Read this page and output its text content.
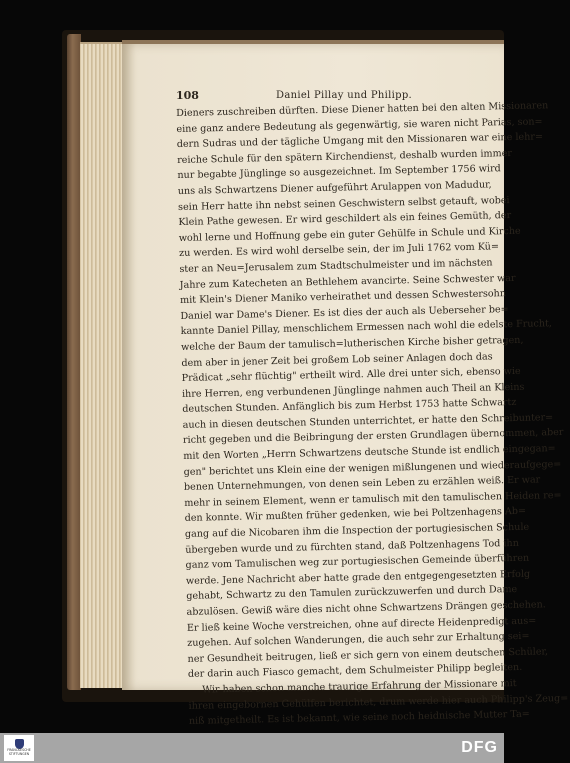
108	Daniel Pillay und Philipp.
Dieners zuschreiben dürften. Diese Diener hatten bei den alten Missionaren
eine ganz andere Bedeutung als gegenwärtig, sie waren nicht Parias, son=
dern Sudras und der tägliche Umgang mit den Missionaren war eine lehr=
reiche Schule für den spätern Kirchendienst, deshalb wurden immer
nur begabte Jünglinge so ausgezeichnet. Im September 1756 wird
uns als Schwartzens Diener aufgeführt Arulappen von Madudur,
sein Herr hatte ihn nebst seinen Geschwistern selbst getauft, wobei
Klein Pathe gewesen. Er wird geschildert als ein feines Gemüth, der
wohl lerne und Hoffnung gebe ein guter Gehülfe in Schule und Kirche
zu werden. Es wird wohl derselbe sein, der im Juli 1762 vom Kü=
ster an Neu=Jerusalem zum Stadtschulmeister und im nächsten
Jahre zum Katecheten an Bethlehem avancirte. Seine Schwester war
mit Klein's Diener Maniko verheirathet und dessen Schwestersohn
Daniel war Dame's Diener. Es ist dies der auch als Ueberseher be=
kannte Daniel Pillay, menschlichem Ermessen nach wohl die edelste Frucht,
welche der Baum der tamulisch=lutherischen Kirche bisher getragen,
dem aber in jener Zeit bei großem Lob seiner Anlagen doch das
Prädicat „sehr flüchtig" ertheilt wird. Alle drei unter sich, ebenso wie
ihre Herren, eng verbundenen Jünglinge nahmen auch Theil an Kleins
deutschen Stunden. Anfänglich bis zum Herbst 1753 hatte Schwartz
auch in diesen deutschen Stunden unterrichtet, er hatte den Schreibunter=
richt gegeben und die Beibringung der ersten Grundlagen übernommen, aber
mit den Worten „Herrn Schwartzens deutsche Stunde ist endlich eingegan=
gen" berichtet uns Klein eine der wenigen mißlungenen und wiederaufgege=
benen Unternehmungen, von denen sein Leben zu erzählen weiß. Er war
mehr in seinem Element, wenn er tamulisch mit den tamulischen Heiden re=
den konnte. Wir mußten früher gedenken, wie bei Poltzenhagens Ab=
gang auf die Nicobaren ihm die Inspection der portugiesischen Schule
übergeben wurde und zu fürchten stand, daß Poltzenhagens Tod ihn
ganz vom Tamulischen weg zur portugiesischen Gemeinde überführen
werde. Jene Nachricht aber hatte grade den entgegengesetzten Erfolg
gehabt, Schwartz zu den Tamulen zurückzuwerfen und durch Dame
abzulösen. Gewiß wäre dies nicht ohne Schwartzens Drängen geschehen.
Er ließ keine Woche verstreichen, ohne auf directe Heidenpredigt aus=
zugehen. Auf solchen Wanderungen, die auch sehr zur Erhaltung sei=
ner Gesundheit beitrugen, ließ er sich gern von einem deutschen Schüler,
der darin auch Fiasco gemacht, dem Schulmeister Philipp begleiten.
Wir haben schon manche traurige Erfahrung der Missionare mit
ihren eingebornen Gehülfen berichtet, drum werde hier auch Philipp's Zeug=
niß mitgetheilt. Es ist bekannt, wie seine noch heidnische Mutter Ta=
FRANCKESCHE STIFTUNGEN	DFG
